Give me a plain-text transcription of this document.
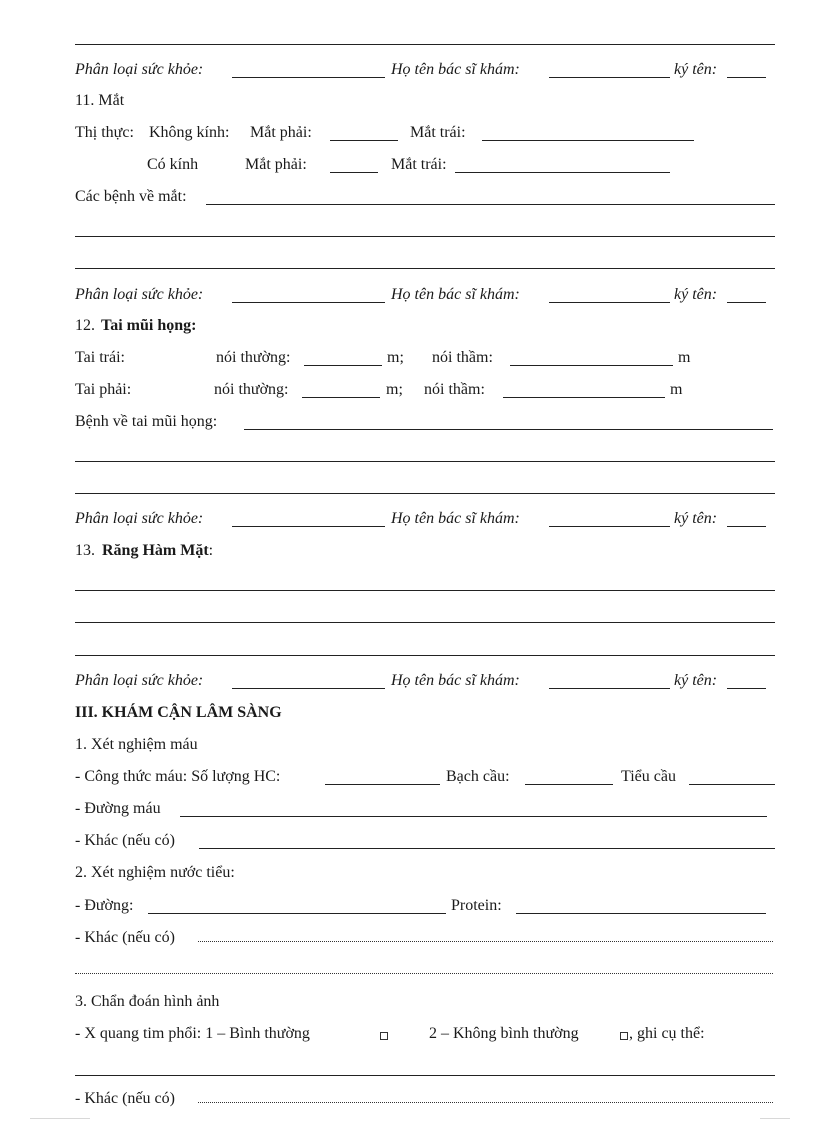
Phân loại sức khỏe:	Họ tên bác sĩ khám:	ký tên:
11. Mắt
Thị thực: Không kính: Mắt phải:	Mắt trái:
Có kính	Mắt phải:	Mắt trái:
Các bệnh về mắt:
Phân loại sức khỏe:	Họ tên bác sĩ khám:	ký tên:
12. Tai mũi họng:
Tai trái:	nói thường:	m; nói thầm:	m
Tai phải:	nói thường:	m; nói thầm:	m
Bệnh về tai mũi họng:
Phân loại sức khỏe:	Họ tên bác sĩ khám:	ký tên:
13. Răng Hàm Mặt:
Phân loại sức khỏe:	Họ tên bác sĩ khám:	ký tên:
III. KHÁM CẬN LÂM SÀNG
1. Xét nghiệm máu
- Công thức máu: Số lượng HC:	Bạch cầu:	Tiểu cầu
- Đường máu
- Khác (nếu có)
2. Xét nghiệm nước tiểu:
- Đường:	Protein:
- Khác (nếu có)
3. Chẩn đoán hình ảnh
- X quang tim phổi: 1 – Bình thường	2 – Không bình thường	, ghi cụ thể:
- Khác (nếu có)
